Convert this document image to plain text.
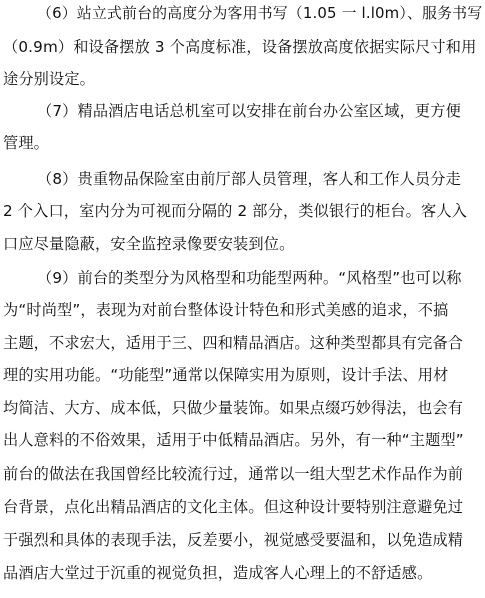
（6）站立式前台的高度分为客用书写（1.05 一 l.l0m）、服务书写
（0.9m）和设备摆放 3 个高度标准，设备摆放高度依据实际尺寸和用
途分别设定。
（7）精品酒店电话总机室可以安排在前台办公室区域，更方便
管理。
（8）贵重物品保险室由前厅部人员管理，客人和工作人员分走
2 个入口，室内分为可视而分隔的 2 部分，类似银行的柜台。客人入
口应尽量隐蔽，安全监控录像要安装到位。
（9）前台的类型分为风格型和功能型两种。“风格型”也可以称
为“时尚型”，表现为对前台整体设计特色和形式美感的追求，不搞
主题，不求宏大，适用于三、四和精品酒店。这种类型都具有完备合
理的实用功能。“功能型”通常以保障实用为原则，设计手法、用材
均简洁、大方、成本低，只做少量装饰。如果点缀巧妙得法，也会有
出人意料的不俗效果，适用于中低精品酒店。另外，有一种“主题型”
前台的做法在我国曾经比较流行过，通常以一组大型艺术作品作为前
台背景，点化出精品酒店的文化主体。但这种设计要特别注意避免过
于强烈和具体的表现手法，反差要小，视觉感受要温和，以免造成精
品酒店大堂过于沉重的视觉负担，造成客人心理上的不舒适感。
